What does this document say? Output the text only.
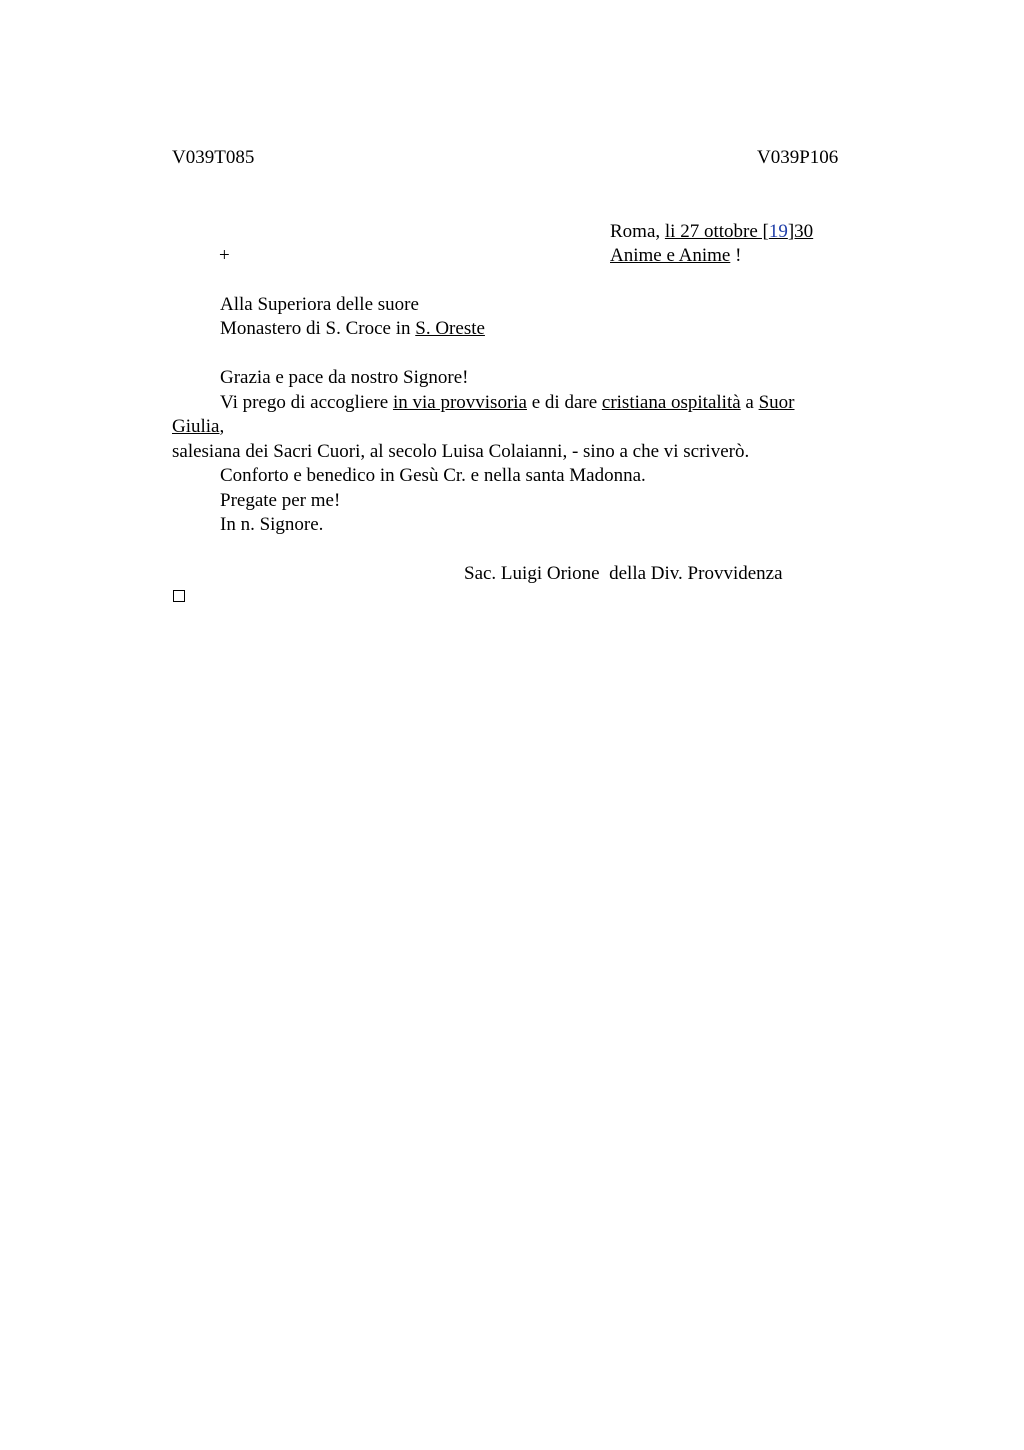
V039T085	V039P106
Roma, li 27 ottobre [19]30
+	Anime e Anime !
Alla Superiora delle suore
Monastero di S. Croce in S. Oreste
Grazia e pace da nostro Signore!
Vi prego di accogliere in via provvisoria e di dare cristiana ospitalità a Suor
Giulia,
salesiana dei Sacri Cuori, al secolo Luisa Colaianni, - sino a che vi scriverò.
Conforto e benedico in Gesù Cr. e nella santa Madonna.
Pregate per me!
In n. Signore.
Sac. Luigi Orione  della Div. Provvidenza
